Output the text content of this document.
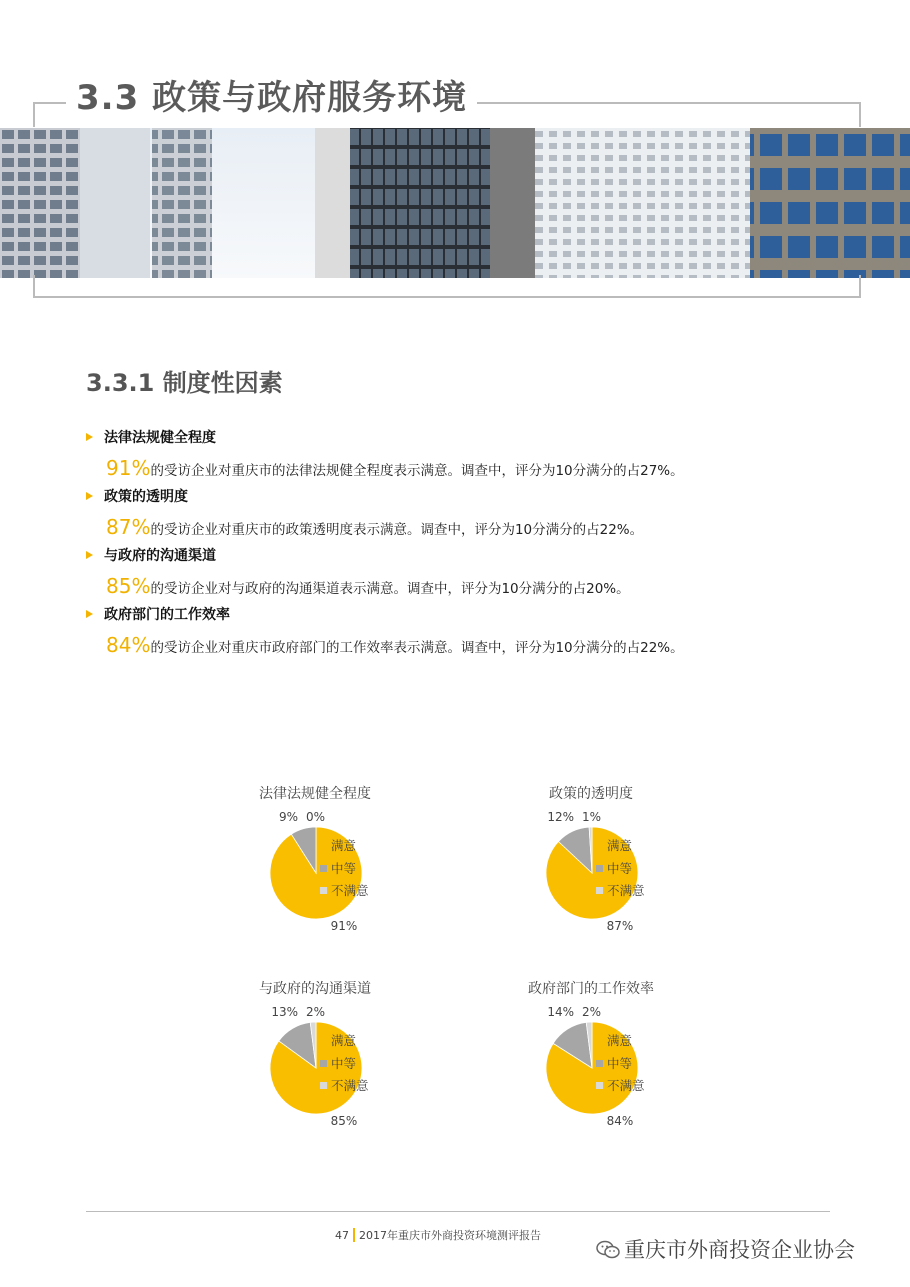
3.3 政策与政府服务环境
3.3.1 制度性因素
法律法规健全程度
91%的受访企业对重庆市的法律法规健全程度表示满意。调查中，评分为10分满分的占27%。
政策的透明度
87%的受访企业对重庆市的政策透明度表示满意。调查中，评分为10分满分的占22%。
与政府的沟通渠道
85%的受访企业对与政府的沟通渠道表示满意。调查中，评分为10分满分的占20%。
政府部门的工作效率
84%的受访企业对重庆市政府部门的工作效率表示满意。调查中，评分为10分满分的占22%。
法律法规健全程度
91%
9% 0%
满意
中等
不满意
政策的透明度
87%
12% 1%
满意
中等
不满意
与政府的沟通渠道
85%
13% 2%
满意
中等
不满意
政府部门的工作效率
84%
14% 2%
满意
中等
不满意
47 2017年重庆市外商投资环境测评报告
重庆市外商投资企业协会
